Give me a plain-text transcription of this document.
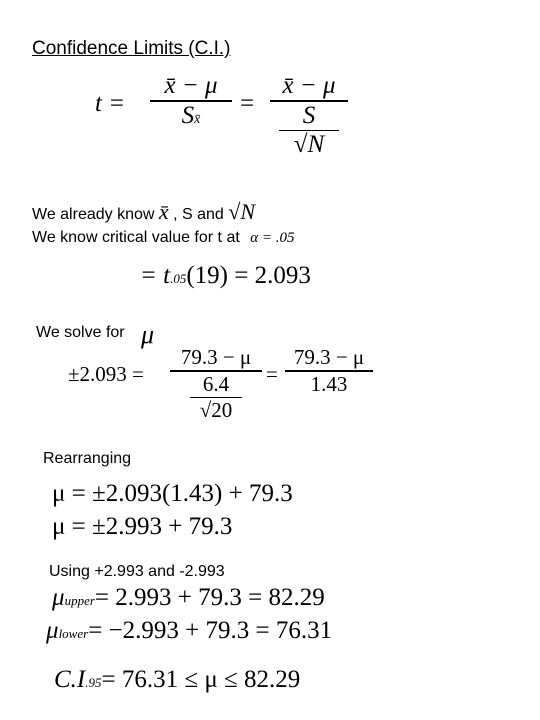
Confidence Limits (C.I.)
t =
x̄ − μ
Sx̄
=
x̄ − μ
S
√N
We already know x̄ , S and √N
We know critical value for t at α = .05
= t.05(19) = 2.093
We solve for μ
±2.093 =
79.3 − μ
6.4
√20
=
79.3 − μ
1.43
Rearranging
μ = ±2.093(1.43) + 79.3
μ = ±2.993 + 79.3
Using +2.993 and -2.993
μupper= 2.993 + 79.3 = 82.29
μlower= −2.993 + 79.3 = 76.31
C.I.95= 76.31 ≤ μ ≤ 82.29
